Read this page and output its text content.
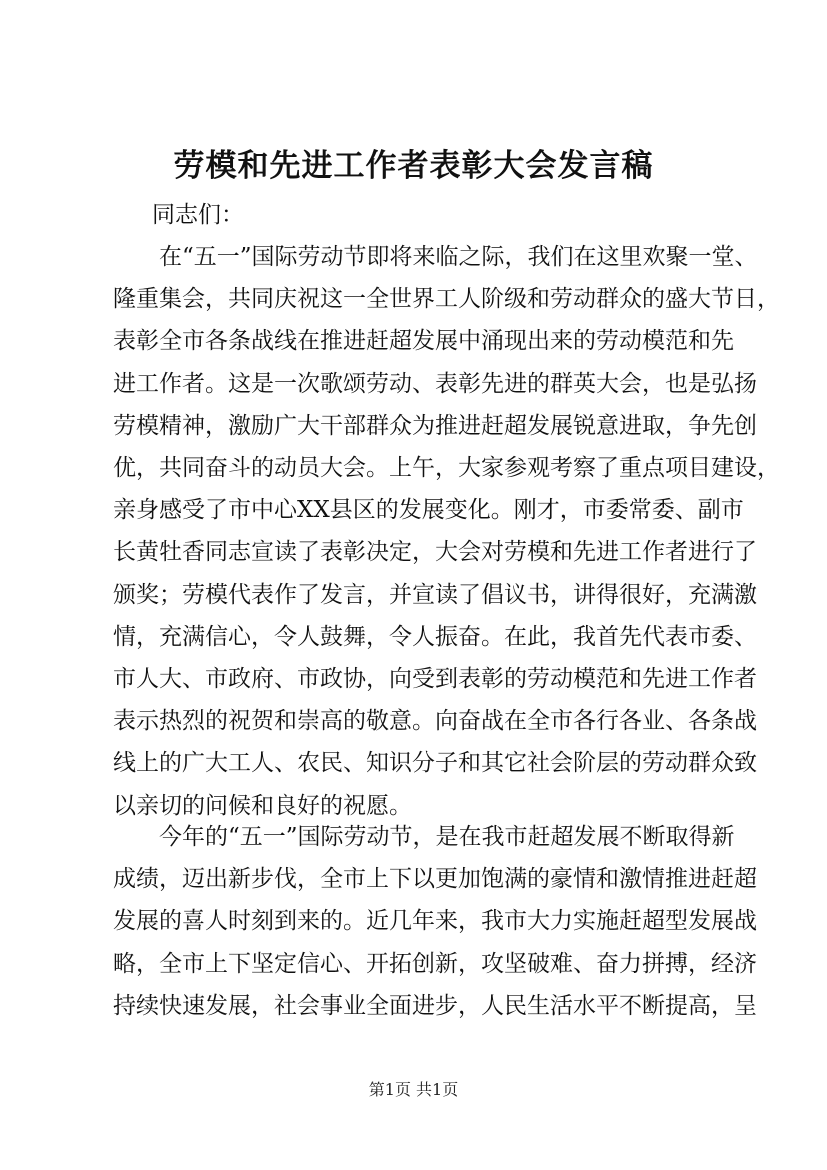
劳模和先进工作者表彰大会发言稿
同志们：
在“五一”国际劳动节即将来临之际，我们在这里欢聚一堂、
隆重集会，共同庆祝这一全世界工人阶级和劳动群众的盛大节日，
表彰全市各条战线在推进赶超发展中涌现出来的劳动模范和先
进工作者。这是一次歌颂劳动、表彰先进的群英大会，也是弘扬
劳模精神，激励广大干部群众为推进赶超发展锐意进取，争先创
优，共同奋斗的动员大会。上午，大家参观考察了重点项目建设，
亲身感受了市中心XX县区的发展变化。刚才，市委常委、副市
长黄牡香同志宣读了表彰决定，大会对劳模和先进工作者进行了
颁奖；劳模代表作了发言，并宣读了倡议书，讲得很好，充满激
情，充满信心，令人鼓舞，令人振奋。在此，我首先代表市委、
市人大、市政府、市政协，向受到表彰的劳动模范和先进工作者
表示热烈的祝贺和崇高的敬意。向奋战在全市各行各业、各条战
线上的广大工人、农民、知识分子和其它社会阶层的劳动群众致
以亲切的问候和良好的祝愿。
今年的“五一”国际劳动节，是在我市赶超发展不断取得新
成绩，迈出新步伐，全市上下以更加饱满的豪情和激情推进赶超
发展的喜人时刻到来的。近几年来，我市大力实施赶超型发展战
略，全市上下坚定信心、开拓创新，攻坚破难、奋力拼搏，经济
持续快速发展，社会事业全面进步，人民生活水平不断提高，呈
第1页 共1页
